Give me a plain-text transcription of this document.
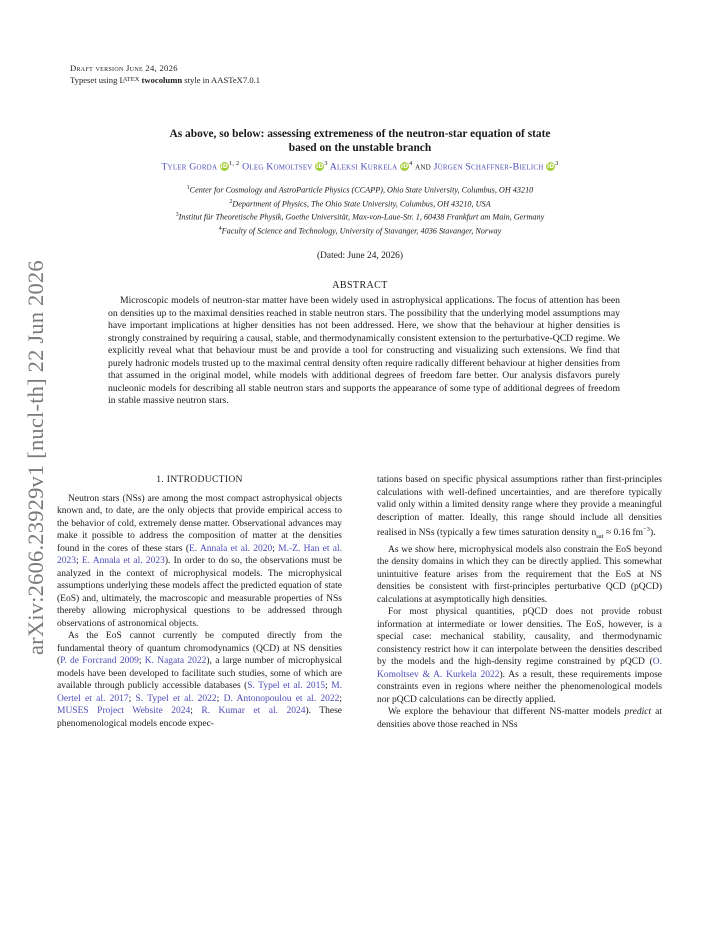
arXiv:2606.23929v1 [nucl-th] 22 Jun 2026
Draft version June 24, 2026
Typeset using $L^{ATEX}$ twocolumn style in AASTeX7.0.1
As above, so below: assessing extremeness of the neutron-star equation of state
based on the unstable branch
Tyler Gorda iD$^{1, 2}$ Oleg Komoltsev $iD^3$ Aleksi Kurkela $iD^4$ and Jürgen Schaffner-Bielich $iD^3$
$^1$Center for Cosmology and AstroParticle Physics (CCAPP), Ohio State University, Columbus, OH 43210
$^2$Department of Physics, The Ohio State University, Columbus, OH 43210, USA
$^3$Institut für Theoretische Physik, Goethe Universität, Max-von-Laue-Str. 1, 60438 Frankfurt am Main, Germany
$^4$Faculty of Science and Technology, University of Stavanger, 4036 Stavanger, Norway
(Dated: June 24, 2026)
ABSTRACT
Microscopic models of neutron-star matter have been widely used in astrophysical applications. The focus of attention has been on densities up to the maximal densities reached in stable neutron stars. The possibility that the underlying model assumptions may have important implications at higher densities has not been addressed. Here, we show that the behaviour at higher densities is strongly constrained by requiring a causal, stable, and thermodynamically consistent extension to the perturbative-QCD regime. We explicitly reveal what that behaviour must be and provide a tool for constructing and visualizing such extensions. We find that purely hadronic models trusted up to the maximal central density often require radically different behaviour at higher densities from that assumed in the original model, while models with additional degrees of freedom fare better. Our analysis disfavors purely nucleonic models for describing all stable neutron stars and supports the appearance of some type of additional degrees of freedom in stable massive neutron stars.
1. INTRODUCTION

Neutron stars (NSs) are among the most compact astrophysical objects known and, to date, are the only objects that provide empirical access to the behavior of cold, extremely dense matter. Observational advances may make it possible to address the composition of matter at the densities found in the cores of these stars (E. Annala et al. 2020; M.-Z. Han et al. 2023; E. Annala et al. 2023). In order to do so, the observations must be analyzed in the context of microphysical models. The microphysical assumptions underlying these models affect the predicted equation of state (EoS) and, ultimately, the macroscopic and measurable properties of NSs thereby allowing microphysical questions to be addressed through observations of astronomical objects.

As the EoS cannot currently be computed directly from the fundamental theory of quantum chromodynamics (QCD) at NS densities (P. de Forcrand 2009; K. Nagata 2022), a large number of microphysical models have been developed to facilitate such studies, some of which are available through publicly accessible databases (S. Typel et al. 2015; M. Oertel et al. 2017; S. Typel et al. 2022; D. Antonopoulou et al. 2022; MUSES Project Website 2024; R. Kumar et al. 2024). These phenomenological models encode expec-

tations based on specific physical assumptions rather than first-principles calculations with well-defined uncertainties, and are therefore typically valid only within a limited density range where they provide a meaningful description of matter. Ideally, this range should include all densities realised in NSs (typically a few times saturation density $n_{sat} \approx 0.16$ $fm^{-3}$).

As we show here, microphysical models also constrain the EoS beyond the density domains in which they can be directly applied. This somewhat unintuitive feature arises from the requirement that the EoS at NS densities be consistent with first-principles perturbative QCD (pQCD) calculations at asymptotically high densities.

For most physical quantities, pQCD does not provide robust information at intermediate or lower densities. The EoS, however, is a special case: mechanical stability, causality, and thermodynamic consistency restrict how it can interpolate between the densities described by the models and the high-density regime constrained by pQCD (O. Komoltsev & A. Kurkela 2022). As a result, these requirements impose constraints even in regions where neither the phenomenological models nor pQCD calculations can be directly applied.

We explore the behaviour that different NS-matter models predict at densities above those reached in NSs
